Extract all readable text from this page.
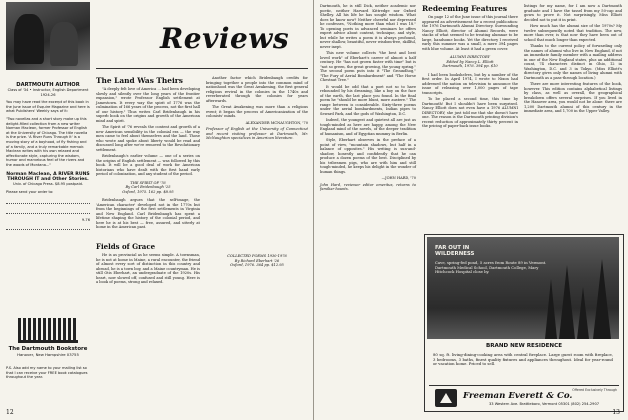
Reviews
DARTMOUTH AUTHOR
Class of '34 • Instructor, English Department 1924-26

You may have read the excerpt of this book in the June issue of Esquire Magazine and here is what Publishers' Weekly says of it:

"Two novellas and a short story make up this delight-filled collection from a new writer Norman Maclean, former Professor of English at the University of Chicago. The title novella is the prize. 'A River Runs Through It' is a moving story of a boyhood, of fly fishing and of a family, and a truly remarkable memoir. Maclean writes with his own relaxed and affectionate style, capturing the wisdom, humor and marvelous feel of the rivers and the woods of Montana..."

Norman Maclean, A RIVER RUNS
THROUGH IT and Other Stories.
Univ. of Chicago Press. $8.95 postpaid.

Please send your order to:

9-76
The Dartmouth Bookstore
Hanover, New Hampshire 03755
P.S. Also add my name to your mailing list so that I can receive your FREE book catalogues throughout the year.

The Land Was Theirs

"A deeply felt love of America ... had been developing slowly and silently over the long years of the frontier expansion," wrote Professor English settlement at Jamestown. It every way the spirit of 1776 was the culmination of 166 years of the process, not the first hall of our history." Thus writes Carl Bridenbaugh in his superb book on the origins and growth of the American mind and spirit.

The Spirit of '76 reveals the content and growth of a new American sensibility in the colonial era — the way men came to feel about themselves and the land. Those who wrote and spoke about liberty would be read and discussed long after we're removed to the Revolutionary settlement.

Bridenbaugh's earlier volume — one of a series on the origins of English settlement — was followed by this book. It will be a good deal of work for American historians who have dealt with the first hand early period of colonization, and any student of the period.

THE SPIRIT OF '76
By Carl Bridenbaugh '25
Oxford, 1975. 162 pp. $8.95

Bridenbaugh argues that the self-image, the 'American character' developed not in the 1770s but from the beginnings of the first settlements in Virginia and New England. Carl Bridenbaugh has spent a lifetime shaping the history of the colonial period, and here he is at his best — free, assured, and utterly at home in the American past.

Another factor which Bridenbaugh credits for bringing together a people into the common mind of nationhood was the Great Awakening, the first general religious revival in the colonies in the 1740s and reverberated through the colonies for years afterwards.

The Great Awakening was more than a religious event; it began the process of Americanization of the colonists' minds.

ALEXANDER MCNAUGHTON, '70

Professor of English at the University of Connecticut and recent visiting professor at Dartmouth, Mr. McNaughton specializes in American literature.

Fields of Grace

He is as provincial as he seems simple. A townsman, he is not at home in Maine, a rural encounter, the friend of almost every sort of distinction in this country and abroad, he is a town boy, and a Maine countryman. He is still Otis Eberhart, an undergraduate of the 1920s. His heart, now slowed off, confused and still young. Here is a book of poems, strong and relaxed.

COLLECTED POEMS 1930-1976
By Richard Eberhart '26
Oxford, 1976. 364 pp. $12.95
12

Dartmouth, he is still Dick, neither academic nor poetic, neither Harvard Kittredge nor Oxford Shelley. All his life he has sought wisdom. What does he know now? Neither cheerful nor depressed he confesses, "Nothing more than what I was 18." To opening poets in advanced seminars he offers expert advice about content, technique, and style, but while he writes a poem it is always profound, never shallow, beautiful, never wisdom-free, skillful, never inept.

This new volume collects "the best and best loved work" of Eberhart's career of almost a half century. He "has not grown faster with time" but is "not so green, the great growing, the young spring." The second poem puts into it "The Groundhog," "The Fury of Aerial Bombardment" and "The Horse Chestnut Tree."

It would be odd that a poet not so to have rebounded by his dreaming, like a boy on the face of the earth, the last place you found. In the final poem he "should be more blunt, more austere." The range between is considerable. Sixty-three poems under the aerial bombardments, Indian pipes to Seward Park, and the gods of Washington, D.C.

Indeed, the youngest and quietest all are just as tough-minded as here are happy, among the New England mind of the novels, of the deeper tradition of humanism, and of Egyptian mummy in Berlin.

Style, Eberhart observes in the preface of a point of view, "mountain shadows, but half in a balance of opposites." His writing is sun-and-shadow, honestly and confidently that he can produce a dozen poems of the best. Disciplined by his tribesmen pigs, who are with him and still tough-minded, he keeps his delight in the wonder of human things.

—JOHN HARD, '70

John Hard, reviewer editor emeritus, returns to familiar haunts.

Redeeming Features

On page 12 of the June issue of this journal there appeared an advertisement for a recent publication: the 1976 Dartmouth Alumni Directory. Surrounding Nancy Elliott, director of Alumni Records, were stacks of what seemed to be treating alumnae to be large, handsome books. Yet the directory I received early this summer was a small, a mere 394 pages with blue volume. At least it had a green cover.

ALUMNI DIRECTORY
Edited by Nancy L. Elliott
Dartmouth, 1976. 394 pp. $10

I had been bookshelves, but by a number of the first order. In April 1974, I wrote to Nixon had addressed the nation on television to announce the issue of releasing over 1,000 pages of tape transcripts.

To be placed a second time, this time by Dartmouth! But I shouldn't have been surprised. Nancy Elliott does not even have a 1976 ALUMNI DIRECTORY; she just told me that she doesn't have one. The reason is the Dartmouth printing division's recent reduction of approximately thirty percent in the pricing of paper-back issue books.

listings for my name, for I am now a Dartmouth graduate and I have the tassel from my 50-cap and gown to prove it. Not surprisingly, Miss Elliott decided not to put it in print.

How much has the alumni size of the 1970s? My twelve subsequently noted that tradition. The new, more than ever, is that now they have been out of school that much longer than expected.

Thanks to the current policy of forwarding only the names of alumni who live in New England, if not an immediate family member with a mailing address in one of the New England states, plus an additional count, 74 characters distinct in Ohio, 12 in Washington, D.C. and 3 in Tokyo. (Miss Elliott's directory gives only the names of living alumni with Dartmouth as a pass-through location.)

There are more interesting features of the book, however. This edition contains alphabetical listings by class, as well as overall, the geographical breakdown offers several surprises. If you lived in the Hanover area, you would not be alone: there are 1,200 Dartmouth alumni of this century in the immediate area, and 1,700 in the Upper Valley.

FAR OUT IN
WILDERNESS
Cave, spring-fed pond, 5 acres from Route 89 in Vermont. Dartmouth Medical School, Dartmouth College, Mary Hitchcock Hospital close by.
BRAND NEW RESIDENCE
80 sq. ft. living-dining-cooking area with central fireplace. Large guest room with fireplace, 3 bedrooms, 3 baths, finest quality fixtures and appliances throughout. Ideal for year-round or vacation home. Priced to sell.
Offered Exclusively Through
Freeman Everett & Co.
33 Western Ave. Brattleboro, Vermont 05301 (802) 254-2907
13
